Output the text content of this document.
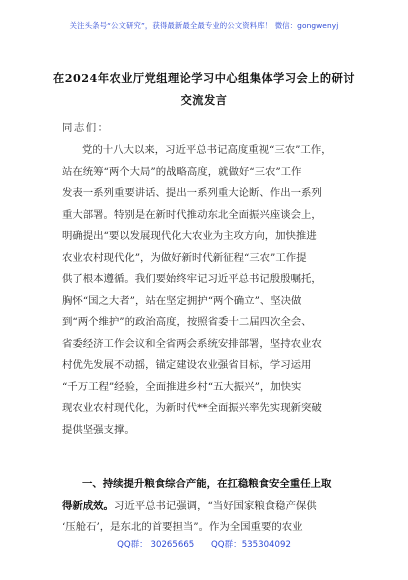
关注头条号“公文研究”，获得最新最全最专业的公文资料库！ 微信：gongwenyj
在2024年农业厅党组理论学习中心组集体学习会上的研讨
交流发言
同志们：
党的十八大以来，习近平总书记高度重视“三农”工作，
站在统筹“两个大局”的战略高度，就做好“三农”工作
发表一系列重要讲话、提出一系列重大论断、作出一系列
重大部署。特别是在新时代推动东北全面振兴座谈会上，
明确提出“要以发展现代化大农业为主攻方向，加快推进
农业农村现代化”，为做好新时代新征程“三农”工作提
供了根本遵循。我们要始终牢记习近平总书记殷殷嘱托，
胸怀“国之大者”，站在坚定拥护“两个确立”、坚决做
到“两个维护”的政治高度，按照省委十二届四次全会、
省委经济工作会议和全省两会系统安排部署，坚持农业农
村优先发展不动摇，锚定建设农业强省目标，学习运用
“千万工程”经验，全面推进乡村“五大振兴”，加快实
现农业农村现代化，为新时代**全面振兴率先实现新突破
提供坚强支撑。
一、持续提升粮食综合产能，在扛稳粮食安全重任上取
得新成效。习近平总书记强调，“当好国家粮食稳产保供
‘压舱石’，是东北的首要担当”。作为全国重要的农业
QQ群： 30265665 QQ群：535304092
